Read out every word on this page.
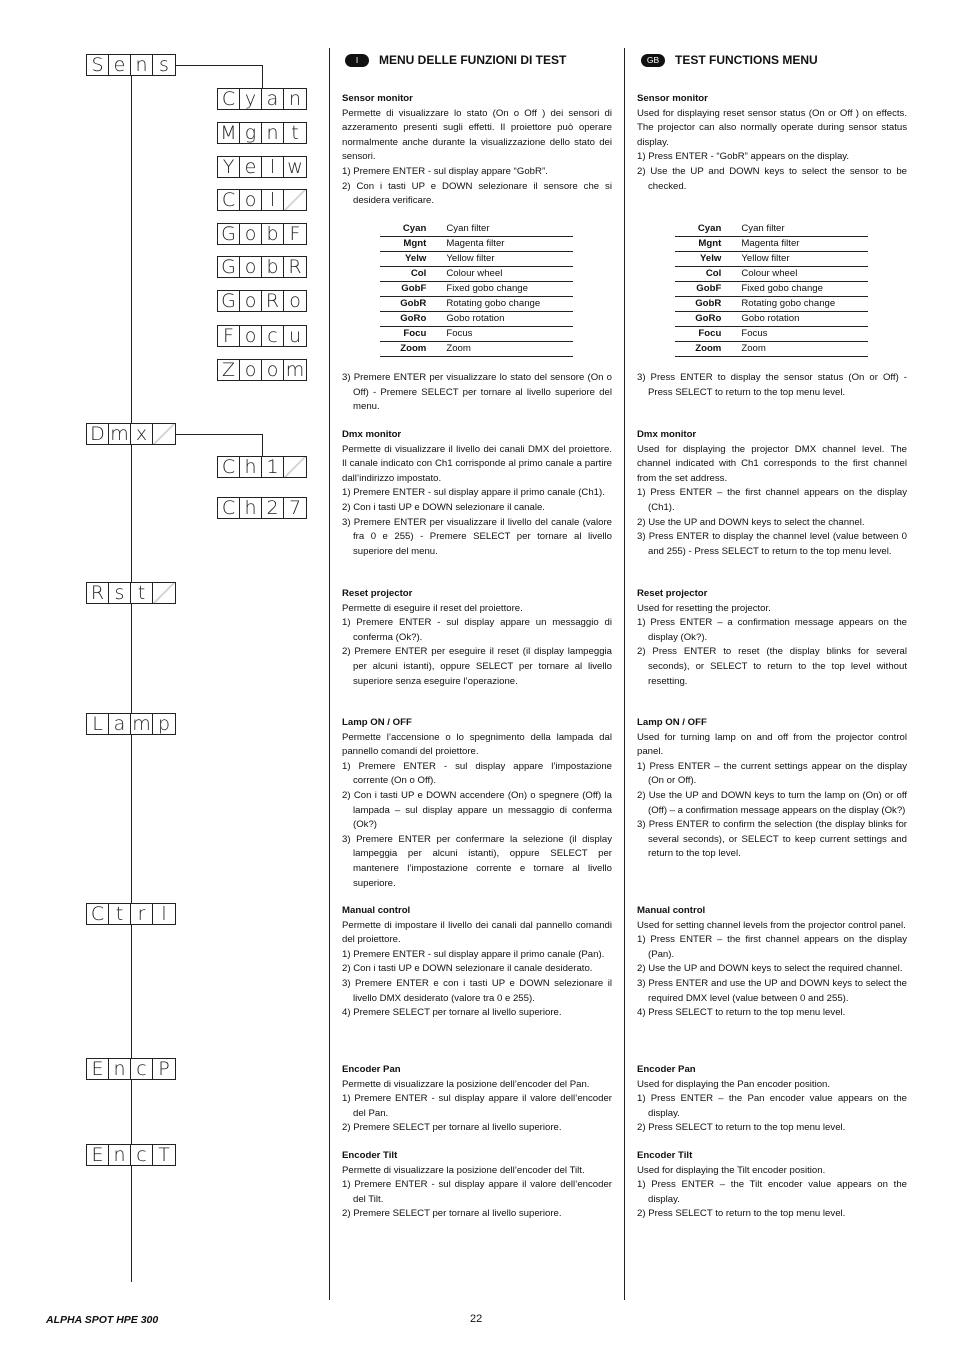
S e n s
D m x
R s t
L a m p
C t r l
E n c P
E n c T
C y a n
M g n t
Y e l w
C o l
G o b F
G o b R
G o R o
F o c u
Z o o m
C h 1
C h 2 7
I	MENU DELLE FUNZIONI DI TEST
Sensor monitor

Permette di visualizzare lo stato (On o Off ) dei sensori di azzeramento presenti sugli effetti. Il proiettore può operare normalmente anche durante la visualizzazione dello stato dei sensori.

1) Premere ENTER - sul display appare “GobR”.

2) Con i tasti UP e DOWN selezionare il sensore che si desidera verificare.

Cyan	Cyan filter
Mgnt	Magenta filter
Yelw	Yellow filter
Col	Colour wheel
GobF	Fixed gobo change
GobR	Rotating gobo change
GoRo	Gobo rotation
Focu	Focus
Zoom	Zoom

3) Premere ENTER per visualizzare lo stato del sensore (On o Off) - Premere SELECT per tornare al livello superiore del menu.

Dmx monitor

Permette di visualizzare il livello dei canali DMX del proiettore. Il canale indicato con Ch1 corrisponde al primo canale a partire dall’indirizzo impostato.

1) Premere ENTER - sul display appare il primo canale (Ch1).

2) Con i tasti UP e DOWN selezionare il canale.

3) Premere ENTER per visualizzare il livello del canale (valore fra 0 e 255) - Premere SELECT per tornare al livello superiore del menu.

Reset projector

Permette di eseguire il reset del proiettore.

1) Premere ENTER - sul display appare un messaggio di conferma (Ok?).

2) Premere ENTER per eseguire il reset (il display lampeggia per alcuni istanti), oppure SELECT per tornare al livello superiore senza eseguire l’operazione.

Lamp ON / OFF

Permette l’accensione o lo spegnimento della lampada dal pannello comandi del proiettore.

1) Premere ENTER - sul display appare l’impostazione corrente (On o Off).

2) Con i tasti UP e DOWN accendere (On) o spegnere (Off) la lampada – sul display appare un messaggio di conferma (Ok?)

3) Premere ENTER per confermare la selezione (il display lampeggia per alcuni istanti), oppure SELECT per mantenere l’impostazione corrente e tornare al livello superiore.

Manual control

Permette di impostare il livello dei canali dal pannello comandi del proiettore.

1) Premere ENTER - sul display appare il primo canale (Pan).

2) Con i tasti UP e DOWN selezionare il canale desiderato.

3) Premere ENTER e con i tasti UP e DOWN selezionare il livello DMX desiderato (valore tra 0 e 255).

4) Premere SELECT per tornare al livello superiore.

Encoder Pan

Permette di visualizzare la posizione dell’encoder del Pan.

1) Premere ENTER - sul display appare il valore dell’encoder del Pan.

2) Premere SELECT per tornare al livello superiore.

Encoder Tilt

Permette di visualizzare la posizione dell’encoder del Tilt.

1) Premere ENTER - sul display appare il valore dell’encoder del Tilt.

2) Premere SELECT per tornare al livello superiore.

GB	TEST FUNCTIONS MENU
Sensor monitor

Used for displaying reset sensor status (On or Off ) on effects. The projector can also normally operate during sensor status display.

1) Press ENTER - “GobR” appears on the display.

2) Use the UP and DOWN keys to select the sensor to be checked.

Cyan	Cyan filter
Mgnt	Magenta filter
Yelw	Yellow filter
Col	Colour wheel
GobF	Fixed gobo change
GobR	Rotating gobo change
GoRo	Gobo rotation
Focu	Focus
Zoom	Zoom

3) Press ENTER to display the sensor status (On or Off) - Press SELECT to return to the top menu level.

Dmx monitor

Used for displaying the projector DMX channel level. The channel indicated with Ch1 corresponds to the first channel from the set address.

1) Press ENTER – the first channel appears on the display (Ch1).

2) Use the UP and DOWN keys to select the channel.

3) Press ENTER to display the channel level (value between 0 and 255) - Press SELECT to return to the top menu level.

Reset projector

Used for resetting the projector.

1) Press ENTER – a confirmation message appears on the display (Ok?).

2) Press ENTER to reset (the display blinks for several seconds), or SELECT to return to the top level without resetting.

Lamp ON / OFF

Used for turning lamp on and off from the projector control panel.

1) Press ENTER – the current settings appear on the display (On or Off).

2) Use the UP and DOWN keys to turn the lamp on (On) or off (Off) – a confirmation message appears on the display (Ok?)

3) Press ENTER to confirm the selection (the display blinks for several seconds), or SELECT to keep current settings and return to the top level.

Manual control

Used for setting channel levels from the projector control panel.

1) Press ENTER – the first channel appears on the display (Pan).

2) Use the UP and DOWN keys to select the required channel.

3) Press ENTER and use the UP and DOWN keys to select the required DMX level (value between 0 and 255).

4) Press SELECT to return to the top menu level.

Encoder Pan

Used for displaying the Pan encoder position.

1) Press ENTER – the Pan encoder value appears on the display.

2) Press SELECT to return to the top menu level.

Encoder Tilt

Used for displaying the Tilt encoder position.

1) Press ENTER – the Tilt encoder value appears on the display.

2) Press SELECT to return to the top menu level.

ALPHA SPOT HPE 300	22
